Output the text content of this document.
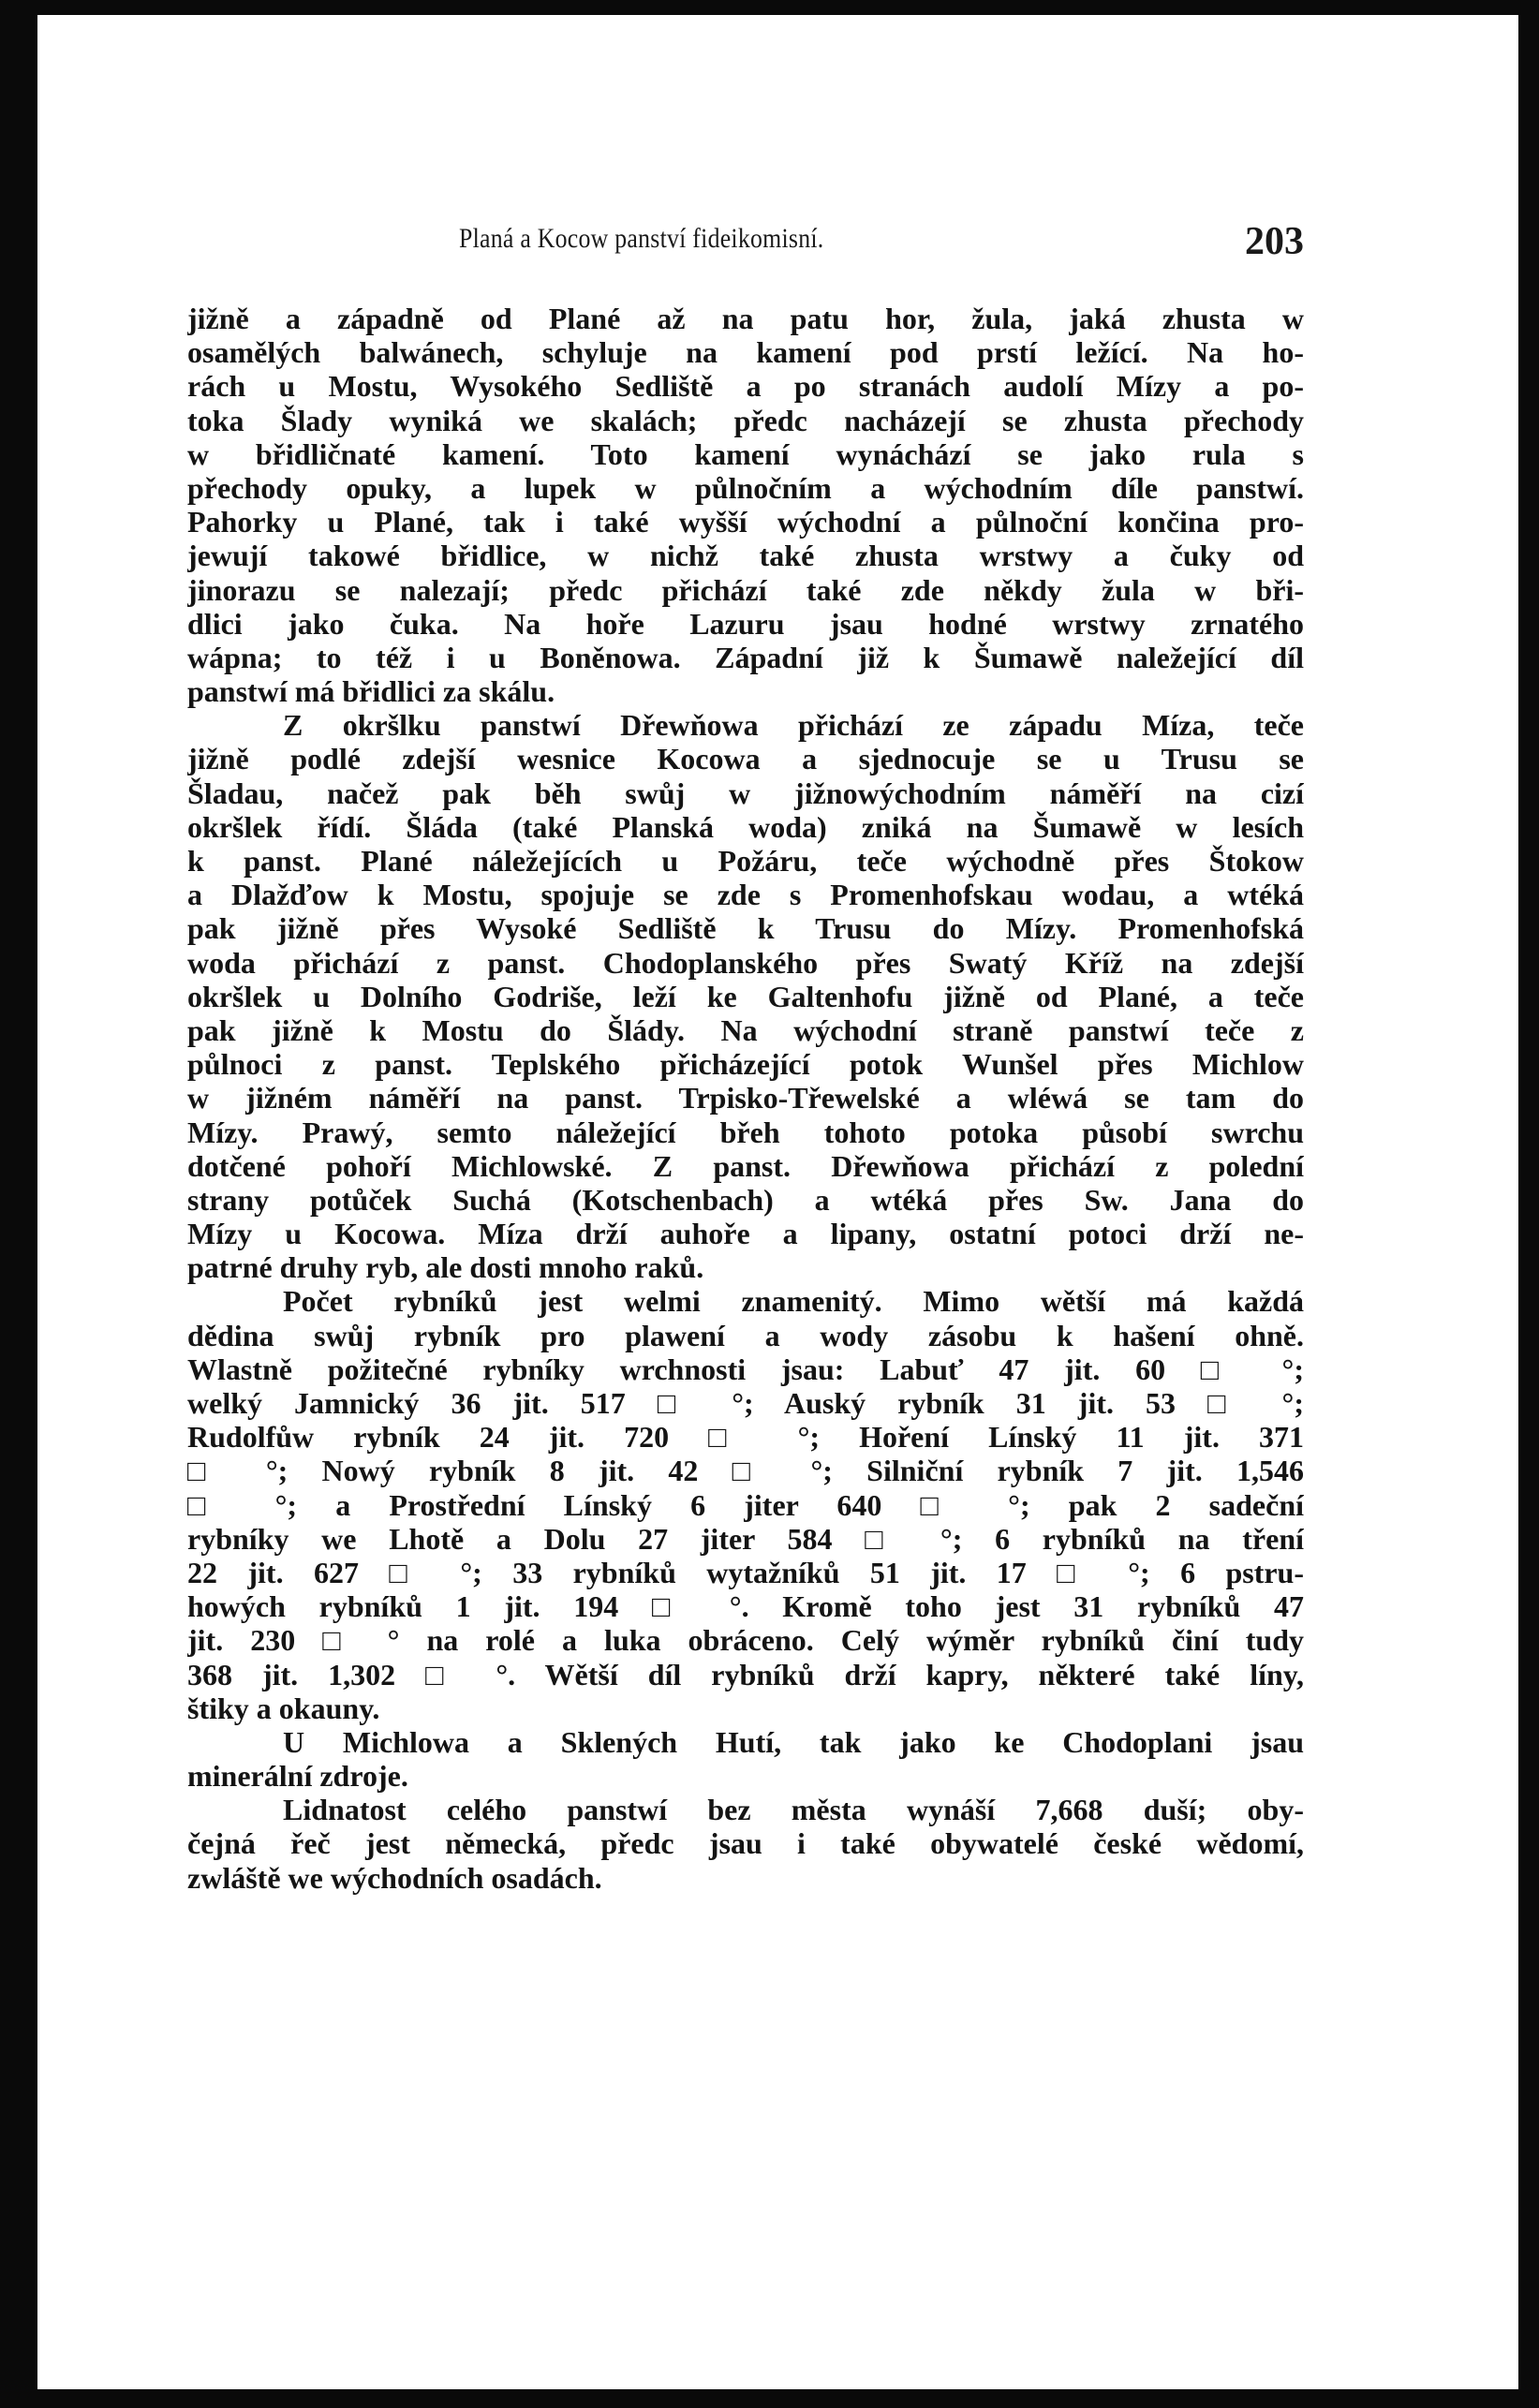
Planá a Kocow panství fideikomisní.	203
jižně a západně od Plané až na patu hor, žula, jaká zhusta w
osamělých balwánech, schyluje na kamení pod prstí ležící. Na ho-
rách u Mostu, Wysokého Sedliště a po stranách audolí Mízy a po-
toka Šlady wyniká we skalách; předc nacházejí se zhusta přechody
w břidličnaté kamení. Toto kamení wynáchází se jako rula s
přechody opuky, a lupek w půlnočním a wýchodním díle panstwí.
Pahorky u Plané, tak i také wyšší wýchodní a půlnoční končina pro-
jewují takowé břidlice, w nichž také zhusta wrstwy a čuky od
jinorazu se nalezají; předc přichází také zde někdy žula w bři-
dlici jako čuka. Na hoře Lazuru jsau hodné wrstwy zrnatého
wápna; to též i u Boněnowa. Západní již k Šumawě naležející díl
panstwí má břidlici za skálu.
Z okršlku panstwí Dřewňowa přichází ze západu Míza, teče
jižně podlé zdejší wesnice Kocowa a sjednocuje se u Trusu se
Šladau, načež pak běh swůj w jižnowýchodním náměří na cizí
okršlek řídí. Šláda (také Planská woda) zniká na Šumawě w lesích
k panst. Plané náležejících u Požáru, teče wýchodně přes Štokow
a Dlažďow k Mostu, spojuje se zde s Promenhofskau wodau, a wtéká
pak jižně přes Wysoké Sedliště k Trusu do Mízy. Promenhofská
woda přichází z panst. Chodoplanského přes Swatý Kříž na zdejší
okršlek u Dolního Godriše, leží ke Galtenhofu jižně od Plané, a teče
pak jižně k Mostu do Šlády. Na wýchodní straně panstwí teče z
půlnoci z panst. Teplského přicházející potok Wunšel přes Michlow
w jižném náměří na panst. Trpisko-Třewelské a wléwá se tam do
Mízy. Prawý, semto náležející břeh tohoto potoka působí swrchu
dotčené pohoří Michlowské. Z panst. Dřewňowa přichází z polední
strany potůček Suchá (Kotschenbach) a wtéká přes Sw. Jana do
Mízy u Kocowa. Míza drží auhoře a lipany, ostatní potoci drží ne-
patrné druhy ryb, ale dosti mnoho raků.
Počet rybníků jest welmi znamenitý. Mimo wětší má každá
dědina swůj rybník pro plawení a wody zásobu k hašení ohně.
Wlastně požitečné rybníky wrchnosti jsau: Labuť 47 jit. 60 □ °;
welký Jamnický 36 jit. 517 □ °; Auský rybník 31 jit. 53 □ °;
Rudolfůw rybník 24 jit. 720 □ °; Hoření Línský 11 jit. 371
□ °; Nowý rybník 8 jit. 42 □ °; Silniční rybník 7 jit. 1,546
□ °; a Prostřední Línský 6 jiter 640 □ °; pak 2 sadeční
rybníky we Lhotě a Dolu 27 jiter 584 □ °; 6 rybníků na tření
22 jit. 627 □ °; 33 rybníků wytažníků 51 jit. 17 □ °; 6 pstru-
howých rybníků 1 jit. 194 □ °. Kromě toho jest 31 rybníků 47
jit. 230 □ ° na rolé a luka obráceno. Celý wýměr rybníků činí tudy
368 jit. 1,302 □ °. Wětší díl rybníků drží kapry, některé také líny,
štiky a okauny.
U Michlowa a Sklených Hutí, tak jako ke Chodoplani jsau
minerální zdroje.
Lidnatost celého panstwí bez města wynáší 7,668 duší; oby-
čejná řeč jest německá, předc jsau i také obywatelé české wědomí,
zwláště we wýchodních osadách.
